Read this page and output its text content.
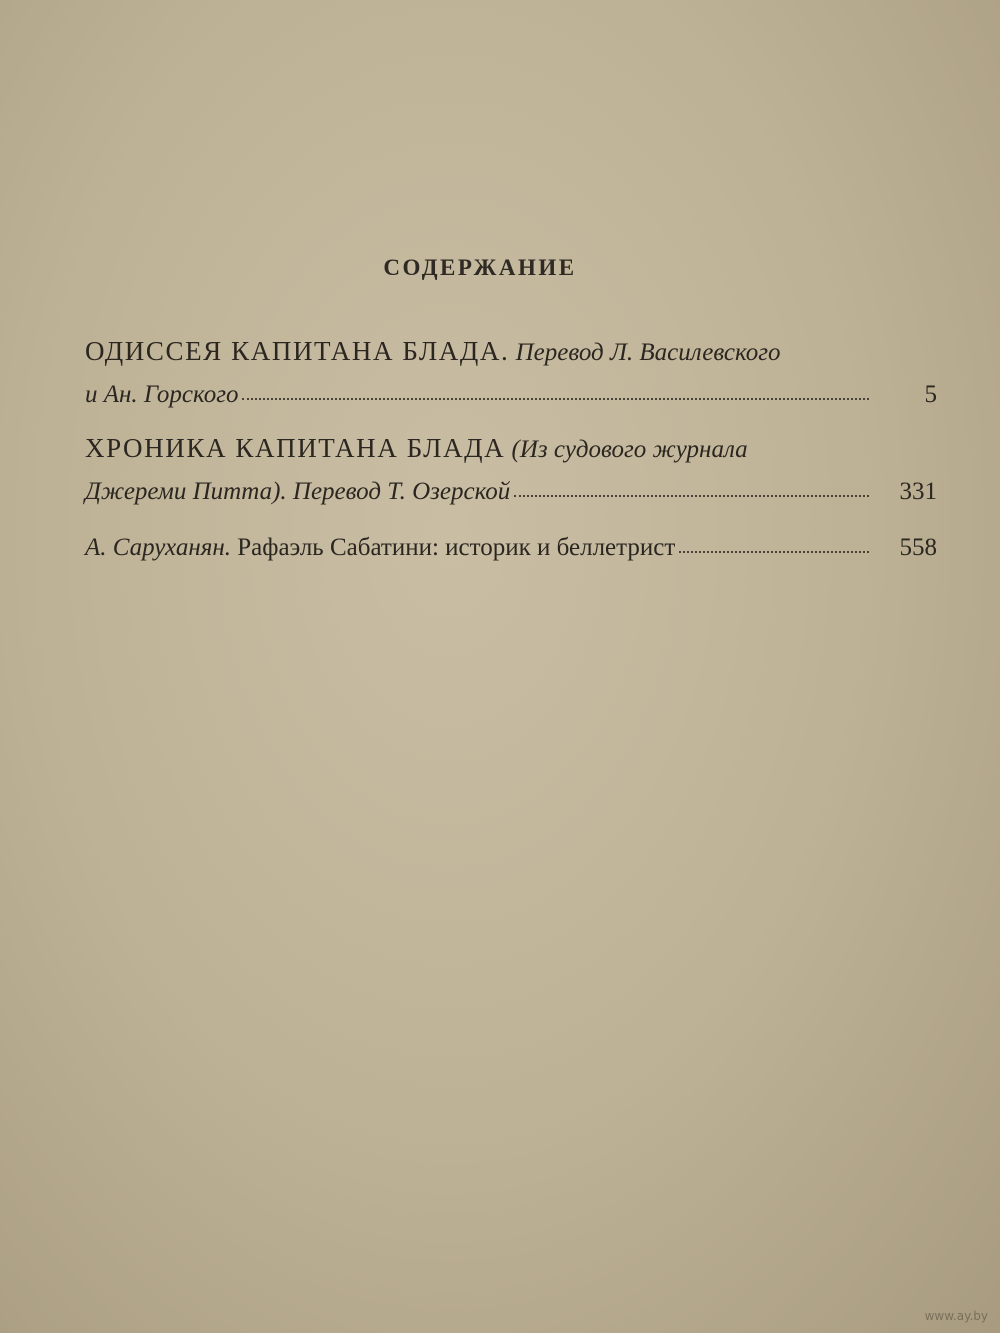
СОДЕРЖАНИЕ
ОДИССЕЯ КАПИТАНА БЛАДА.
Перевод Л. Василевского
и Ан. Горского	5
ХРОНИКА КАПИТАНА БЛАДА
(Из судового журнала
Джереми Питта). Перевод Т. Озерской	331
А. Саруханян.
Рафаэль Сабатини: историк и беллетрист	558
www.ay.by
